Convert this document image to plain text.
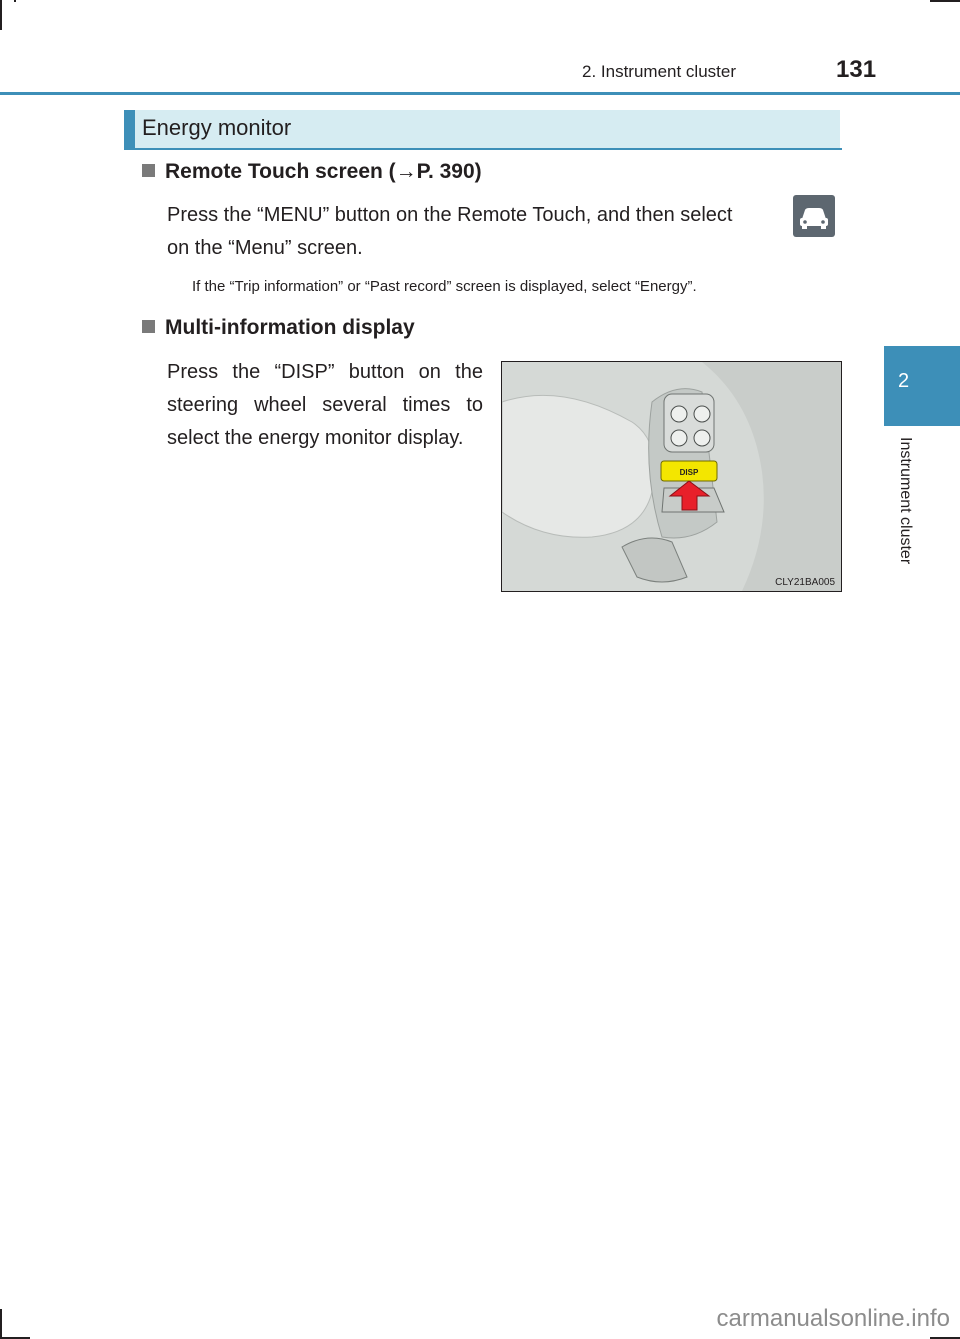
2. Instrument cluster	131
2
Instrument cluster
Energy monitor
Remote Touch screen (→P. 390)
Press the “MENU” button on the Remote Touch, and then select
on the “Menu” screen.
If the “Trip information” or “Past record” screen is displayed, select “Energy”.
Multi-information display
Press the “DISP” button on the steering wheel several times to select the energy monitor display.
DISP
CLY21BA005
carmanualsonline.info
